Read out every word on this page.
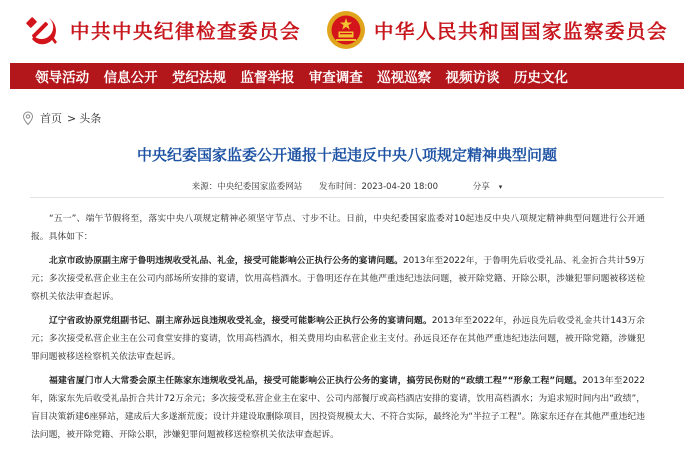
中共中央纪律检查委员会	中华人民共和国国家监察委员会
领导活动	信息公开	党纪法规	监督举报	审查调查	巡视巡察	视频访谈	历史文化
首页 > 头条
中央纪委国家监委公开通报十起违反中央八项规定精神典型问题
来源：中央纪委国家监委网站 发布时间：2023-04-20 18:00	分享 ▾

“五一”、端午节假将至，落实中央八项规定精神必须坚守节点、寸步不让。日前，中央纪委国家监委对10起违反中央八项规定精神典型问题进行公开通报。具体如下：

北京市政协原副主席于鲁明违规收受礼品、礼金，接受可能影响公正执行公务的宴请问题。2013年至2022年，于鲁明先后收受礼品、礼金折合共计59万元；多次接受私营企业主在公司内部场所安排的宴请，饮用高档酒水。于鲁明还存在其他严重违纪违法问题，被开除党籍、开除公职，涉嫌犯罪问题被移送检察机关依法审查起诉。

辽宁省政协原党组副书记、副主席孙远良违规收受礼金，接受可能影响公正执行公务的宴请问题。2013年至2022年，孙远良先后收受礼金共计143万余元；多次接受私营企业主在公司食堂安排的宴请，饮用高档酒水，相关费用均由私营企业主支付。孙远良还存在其他严重违纪违法问题，被开除党籍，涉嫌犯罪问题被移送检察机关依法审查起诉。

福建省厦门市人大常委会原主任陈家东违规收受礼品，接受可能影响公正执行公务的宴请，搞劳民伤财的“政绩工程”“形象工程”问题。2013年至2022年，陈家东先后收受礼品折合共计72万余元；多次接受私营企业主在家中、公司内部餐厅或高档酒店安排的宴请，饮用高档酒水；为追求短时间内出“政绩”，盲目决策新建6座驿站，建成后大多遂渐荒废；设计并建设取删除项目，因投资规模太大、不符合实际，最终沦为“半拉子工程”。陈家东还存在其他严重违纪违法问题，被开除党籍、开除公职，涉嫌犯罪问题被移送检察机关依法审查起诉。
